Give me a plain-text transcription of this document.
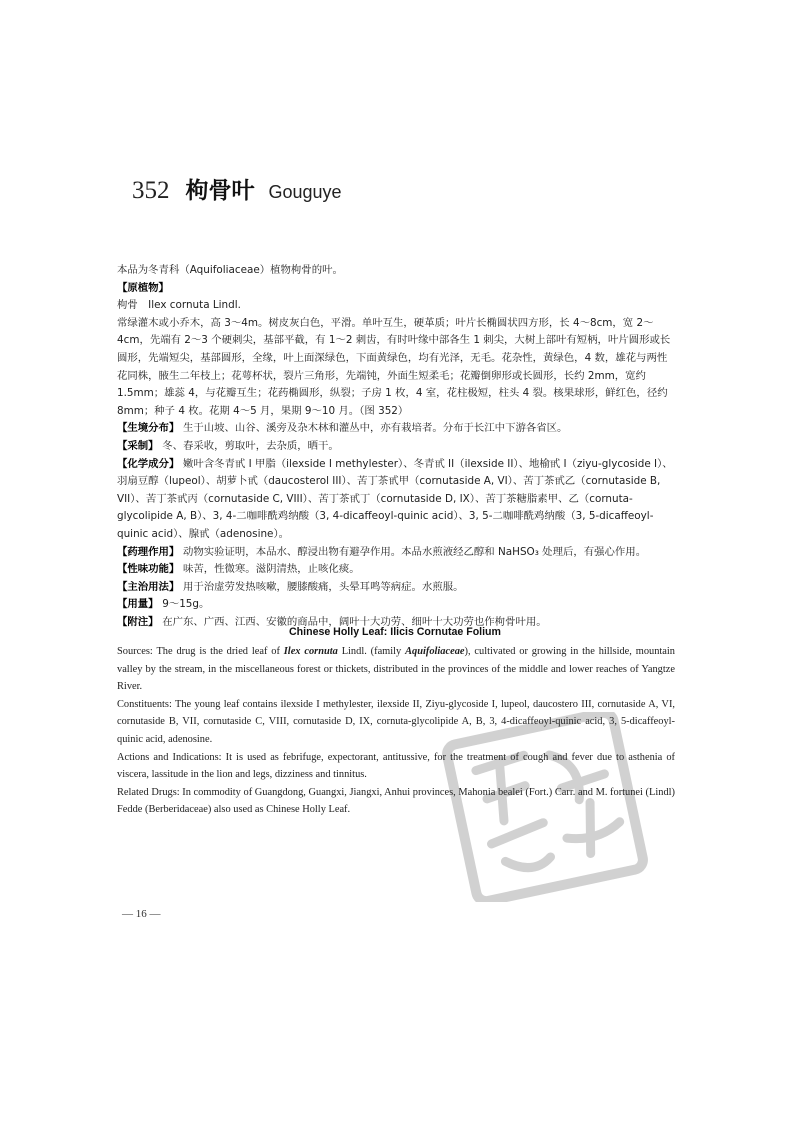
352 枸骨叶 Gouguye

本品为冬青科（Aquifoliaceae）植物枸骨的叶。

【原植物】

枸骨　Ilex cornuta Lindl.

常绿灌木或小乔木，高 3～4m。树皮灰白色，平滑。单叶互生，硬革质；叶片长椭圆状四方形，长 4～8cm，宽 2～4cm，先端有 2～3 个硬刺尖，基部平截，有 1～2 刺齿，有时叶缘中部各生 1 刺尖，大树上部叶有短柄，叶片圆形或长圆形，先端短尖，基部圆形，全缘，叶上面深绿色，下面黄绿色，均有光泽，无毛。花杂性，黄绿色，4 数，雄花与两性花同株，腋生二年枝上；花萼杯状，裂片三角形，先端钝，外面生短柔毛；花瓣倒卵形或长圆形，长约 2mm，宽约 1.5mm；雄蕊 4，与花瓣互生；花药椭圆形，纵裂；子房 1 枚，4 室，花柱极短，柱头 4 裂。核果球形，鲜红色，径约 8mm；种子 4 枚。花期 4～5 月，果期 9～10 月。（图 352）

【生境分布】 生于山坡、山谷、溪旁及杂木林和灌丛中，亦有栽培者。分布于长江中下游各省区。

【采制】 冬、春采收，剪取叶，去杂质，晒干。

【化学成分】 嫩叶含冬青甙 I 甲脂（ilexside I methylester）、冬青甙 II（ilexside II）、地榆甙 I（ziyu-glycoside I）、羽扇豆醇（lupeol）、胡萝卜甙（daucosterol III）、苦丁茶甙甲（cornutaside A, VI）、苦丁茶甙乙（cornutaside B, VII）、苦丁茶甙丙（cornutaside C, VIII）、苦丁茶甙丁（cornutaside D, IX）、苦丁茶糖脂素甲、乙（cornuta-glycolipide A, B）、3, 4-二咖啡酰鸡纳酸（3, 4-dicaffeoyl-quinic acid）、3, 5-二咖啡酰鸡纳酸（3, 5-dicaffeoyl-quinic acid）、腺甙（adenosine）。

【药理作用】 动物实验证明，本品水、醇浸出物有避孕作用。本品水煎液经乙醇和 NaHSO₃ 处理后，有强心作用。

【性味功能】 味苦，性微寒。滋阴清热，止咳化痰。

【主治用法】 用于治虚劳发热咳嗽，腰膝酸痛，头晕耳鸣等病症。水煎服。

【用量】 9～15g。

【附注】 在广东、广西、江西、安徽的商品中，阔叶十大功劳、细叶十大功劳也作枸骨叶用。

Chinese Holly Leaf: Ilicis Cornutae Folium

Sources: The drug is the dried leaf of Ilex cornuta Lindl. (family Aquifoliaceae), cultivated or growing in the hillside, mountain valley by the stream, in the miscellaneous forest or thickets, distributed in the provinces of the middle and lower reaches of Yangtze River.

Constituents: The young leaf contains ilexside I methylester, ilexside II, Ziyu-glycoside I, lupeol, daucostero III, cornutaside A, VI, cornutaside B, VII, cornutaside C, VIII, cornutaside D, IX, cornuta-glycolipide A, B, 3, 4-dicaffeoyl-quinic acid, 3, 5-dicaffeoyl-quinic acid, adenosine.

Actions and Indications: It is used as febrifuge, expectorant, antitussive, for the treatment of cough and fever due to asthenia of viscera, lassitude in the lion and legs, dizziness and tinnitus.

Related Drugs: In commodity of Guangdong, Guangxi, Jiangxi, Anhui provinces, Mahonia bealei (Fort.) Carr. and M. fortunei (Lindl) Fedde (Berberidaceae) also used as Chinese Holly Leaf.

— 16 —
